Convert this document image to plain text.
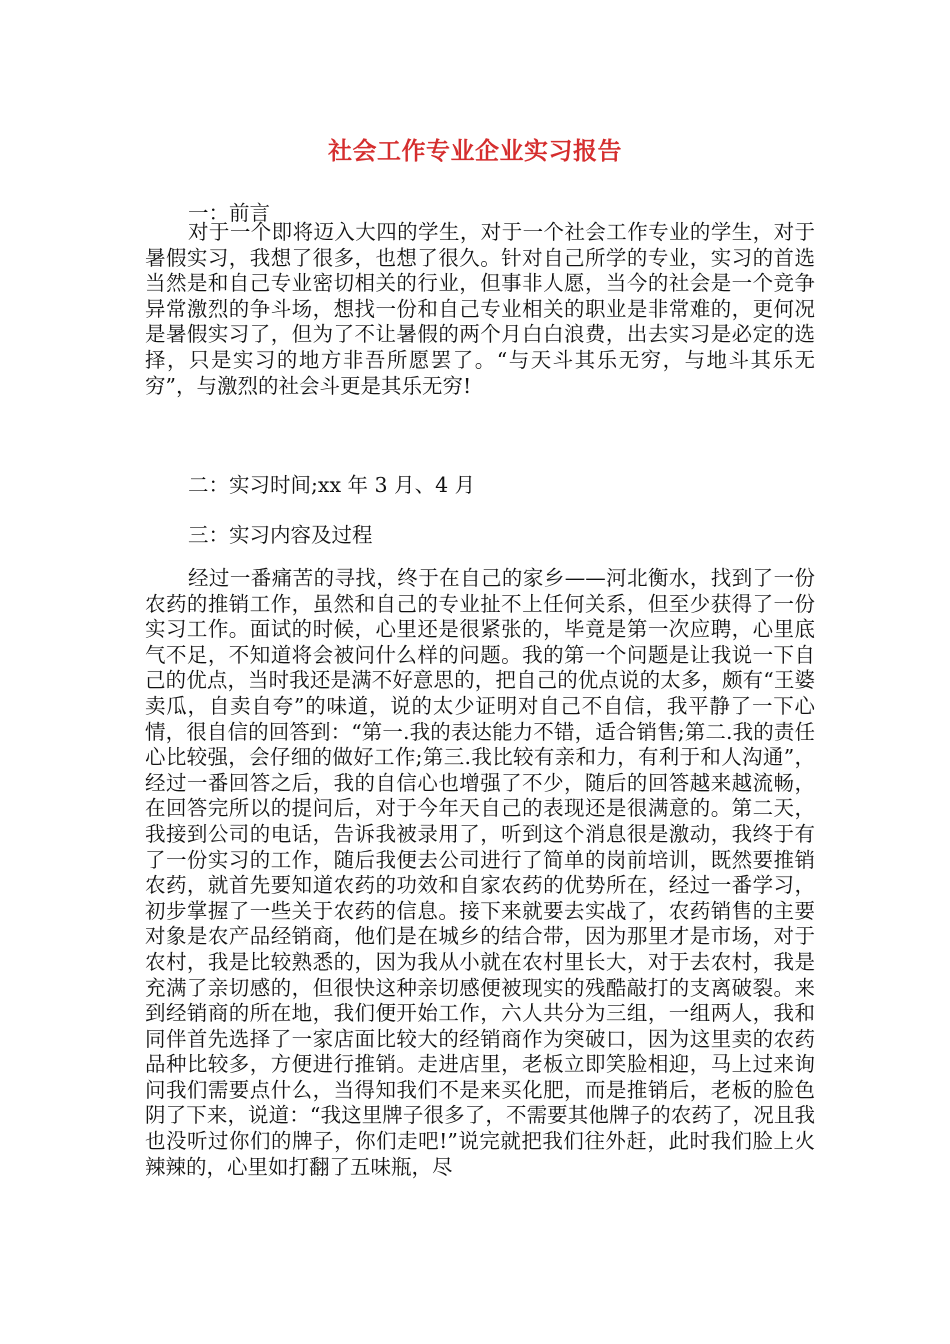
社会工作专业企业实习报告

一：前言

对于一个即将迈入大四的学生，对于一个社会工作专业的学生，对于暑假实习，我想了很多，也想了很久。针对自己所学的专业，实习的首选当然是和自己专业密切相关的行业，但事非人愿，当今的社会是一个竞争异常激烈的争斗场，想找一份和自己专业相关的职业是非常难的，更何况是暑假实习了，但为了不让暑假的两个月白白浪费，出去实习是必定的选择，只是实习的地方非吾所愿罢了。“与天斗其乐无穷，与地斗其乐无穷”，与激烈的社会斗更是其乐无穷!

二：实习时间;xx 年 3 月、4 月

三：实习内容及过程

经过一番痛苦的寻找，终于在自己的家乡——河北衡水，找到了一份农药的推销工作，虽然和自己的专业扯不上任何关系，但至少获得了一份实习工作。面试的时候，心里还是很紧张的，毕竟是第一次应聘，心里底气不足，不知道将会被问什么样的问题。我的第一个问题是让我说一下自己的优点，当时我还是满不好意思的，把自己的优点说的太多，颇有“王婆卖瓜，自卖自夸”的味道，说的太少证明对自己不自信，我平静了一下心情，很自信的回答到：“第一.我的表达能力不错，适合销售;第二.我的责任心比较强，会仔细的做好工作;第三.我比较有亲和力，有利于和人沟通”，经过一番回答之后，我的自信心也增强了不少，随后的回答越来越流畅，在回答完所以的提问后，对于今年天自己的表现还是很满意的。第二天，我接到公司的电话，告诉我被录用了，听到这个消息很是激动，我终于有了一份实习的工作，随后我便去公司进行了简单的岗前培训，既然要推销农药，就首先要知道农药的功效和自家农药的优势所在，经过一番学习，初步掌握了一些关于农药的信息。接下来就要去实战了，农药销售的主要对象是农产品经销商，他们是在城乡的结合带，因为那里才是市场，对于农村，我是比较熟悉的，因为我从小就在农村里长大，对于去农村，我是充满了亲切感的，但很快这种亲切感便被现实的残酷敲打的支离破裂。来到经销商的所在地，我们便开始工作，六人共分为三组，一组两人，我和同伴首先选择了一家店面比较大的经销商作为突破口，因为这里卖的农药品种比较多，方便进行推销。走进店里，老板立即笑脸相迎，马上过来询问我们需要点什么，当得知我们不是来买化肥，而是推销后，老板的脸色阴了下来，说道：“我这里牌子很多了，不需要其他牌子的农药了，况且我也没听过你们的牌子，你们走吧!”说完就把我们往外赶，此时我们脸上火辣辣的，心里如打翻了五味瓶，尽
